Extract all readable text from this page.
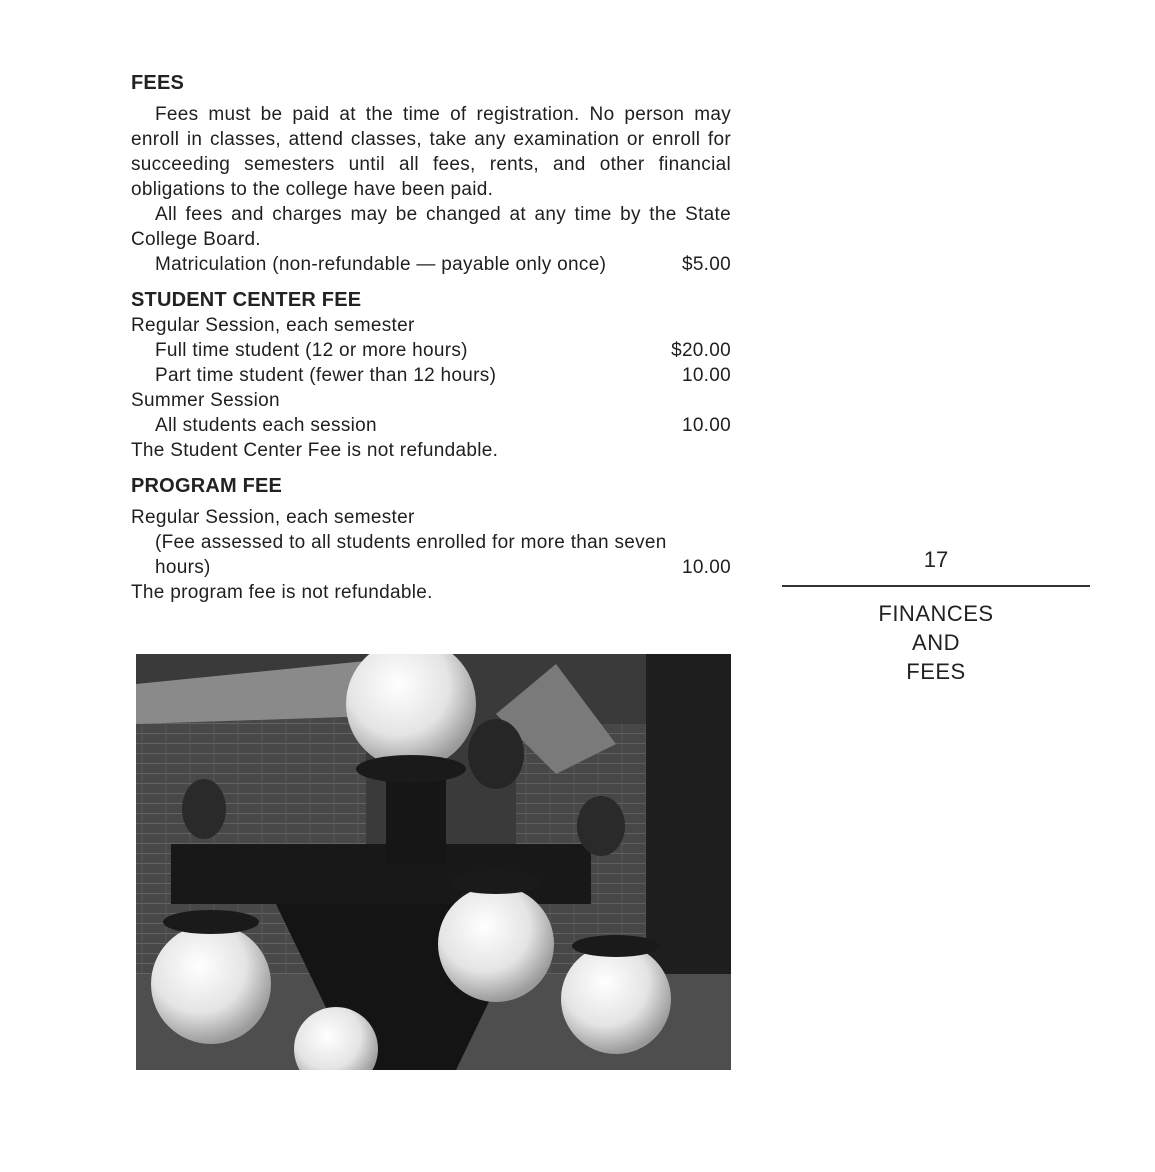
FEES

Fees must be paid at the time of registration. No person may enroll in classes, attend classes, take any examination or enroll for succeeding semesters until all fees, rents, and other financial obligations to the college have been paid.

All fees and charges may be changed at any time by the State College Board.

Matriculation (non-refundable — payable only once)	$5.00

STUDENT CENTER FEE

Regular Session, each semester
Full time student (12 or more hours)	$20.00
Part time student (fewer than 12 hours)	10.00
Summer Session
All students each session	10.00
The Student Center Fee is not refundable.

PROGRAM FEE

Regular Session, each semester
(Fee assessed to all students enrolled for more than seven
hours)	10.00
The program fee is not refundable.
17
FINANCES
AND
FEES
